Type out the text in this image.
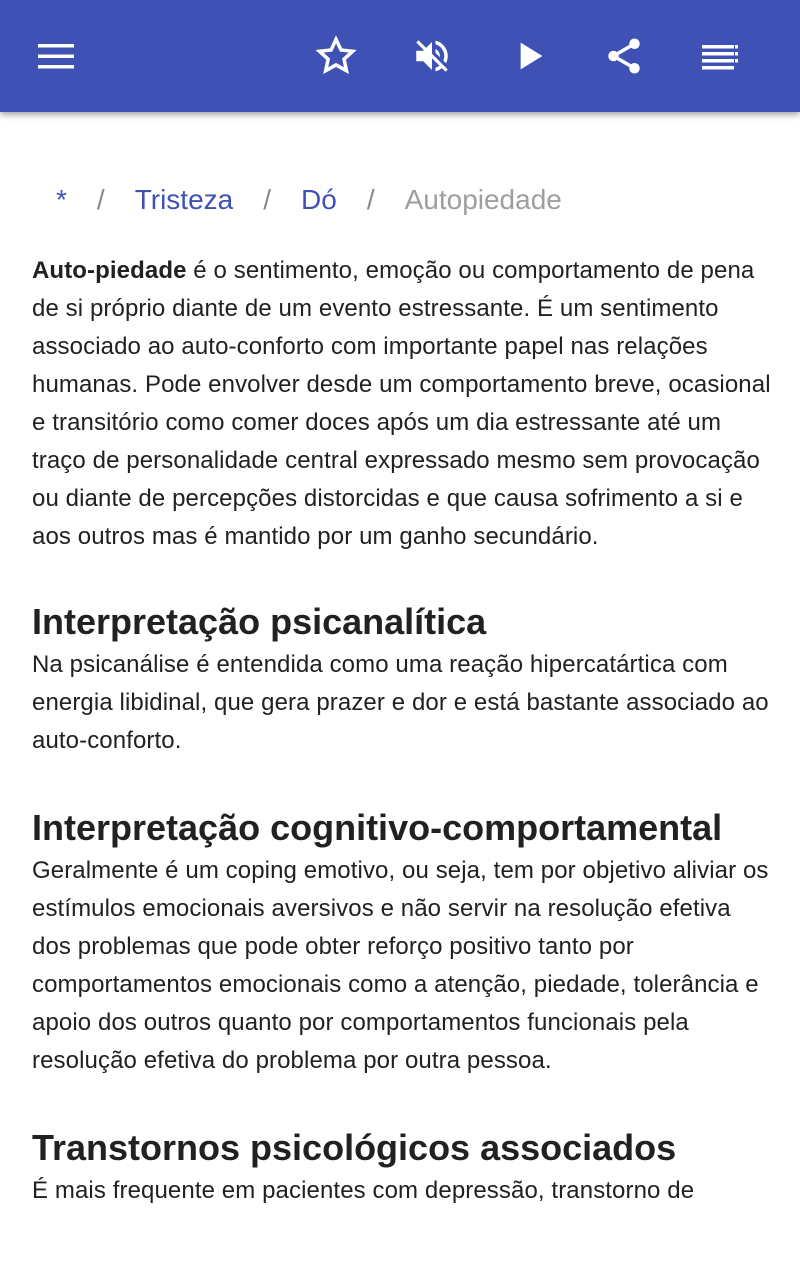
* / Tristeza / Dó / Autopiedade

Auto-piedade é o sentimento, emoção ou comportamento de pena de si próprio diante de um evento estressante. É um sentimento associado ao auto-conforto com importante papel nas relações humanas. Pode envolver desde um comportamento breve, ocasional e transitório como comer doces após um dia estressante até um traço de personalidade central expressado mesmo sem provocação ou diante de percepções distorcidas e que causa sofrimento a si e aos outros mas é mantido por um ganho secundário.

Interpretação psicanalítica

Na psicanálise é entendida como uma reação hipercatártica com energia libidinal, que gera prazer e dor e está bastante associado ao auto-conforto.

Interpretação cognitivo-comportamental

Geralmente é um coping emotivo, ou seja, tem por objetivo aliviar os estímulos emocionais aversivos e não servir na resolução efetiva dos problemas que pode obter reforço positivo tanto por comportamentos emocionais como a atenção, piedade, tolerância e apoio dos outros quanto por comportamentos funcionais pela resolução efetiva do problema por outra pessoa.

Transtornos psicológicos associados

É mais frequente em pacientes com depressão, transtorno de
